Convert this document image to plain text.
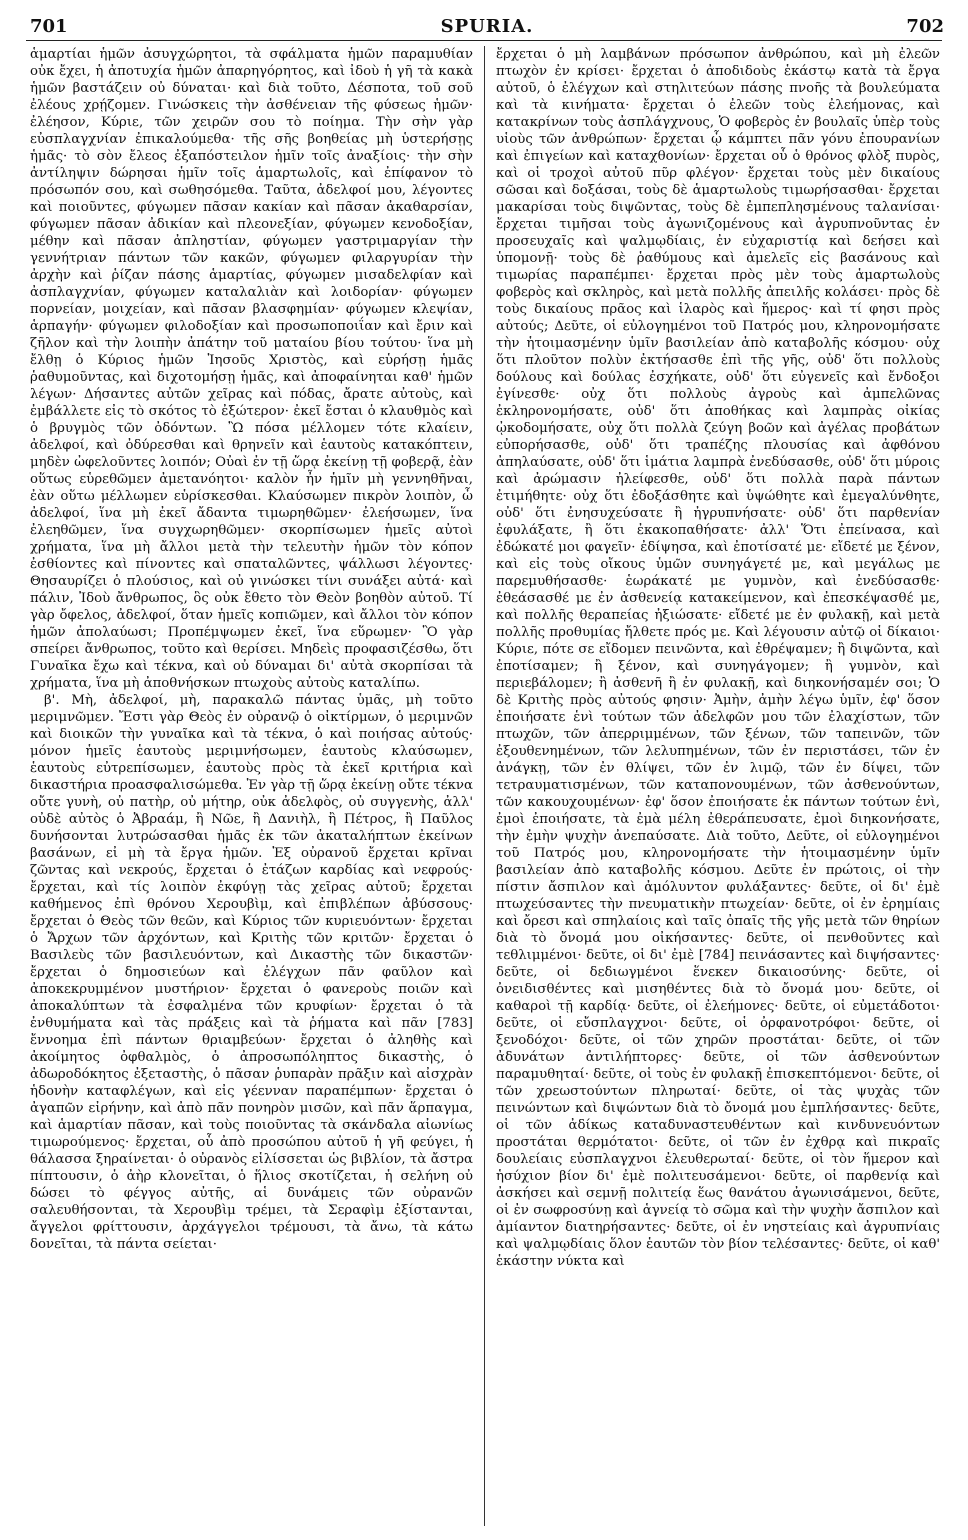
701	SPURIA.	702

ἁμαρτίαι ἡμῶν ἀσυγχώρητοι, τὰ σφάλματα ἡμῶν παραμυθίαν οὐκ ἔχει, ἡ ἀποτυχία ἡμῶν ἀπαρηγόρητος, καὶ ἰδοὺ ἡ γῆ τὰ κακὰ ἡμῶν βαστάζειν οὐ δύναται· καὶ διὰ τοῦτο, Δέσποτα, τοῦ σοῦ ἐλέους χρῄζομεν. Γινώσκεις τὴν ἀσθένειαν τῆς φύσεως ἡμῶν· ἐλέησον, Κύριε, τῶν χειρῶν σου τὸ ποίημα. Τὴν σὴν γὰρ εὐσπλαγχνίαν ἐπικαλούμεθα· τῆς σῆς βοηθείας μὴ ὑστερήσῃς ἡμᾶς· τὸ σὸν ἔλεος ἐξαπόστειλον ἡμῖν τοῖς ἀναξίοις· τὴν σὴν ἀντίληψιν δώρησαι ἡμῖν τοῖς ἁμαρτωλοῖς, καὶ ἐπίφανον τὸ πρόσωπόν σου, καὶ σωθησόμεθα. Ταῦτα, ἀδελφοί μου, λέγοντες καὶ ποιοῦντες, φύγωμεν πᾶσαν κακίαν καὶ πᾶσαν ἀκαθαρσίαν, φύγωμεν πᾶσαν ἀδικίαν καὶ πλεονεξίαν, φύγωμεν κενοδοξίαν, μέθην καὶ πᾶσαν ἀπληστίαν, φύγωμεν γαστριμαργίαν τὴν γεννήτριαν πάντων τῶν κακῶν, φύγωμεν φιλαργυρίαν τὴν ἀρχὴν καὶ ῥίζαν πάσης ἁμαρτίας, φύγωμεν μισαδελφίαν καὶ ἀσπλαγχνίαν, φύγωμεν καταλαλιὰν καὶ λοιδορίαν· φύγωμεν πορνείαν, μοιχείαν, καὶ πᾶσαν βλασφημίαν· φύγωμεν κλεψίαν, ἁρπαγήν· φύγωμεν φιλοδοξίαν καὶ προσωποποιΐαν καὶ ἔριν καὶ ζῆλον καὶ τὴν λοιπὴν ἀπάτην τοῦ ματαίου βίου τούτου· ἵνα μὴ ἔλθῃ ὁ Κύριος ἡμῶν Ἰησοῦς Χριστὸς, καὶ εὑρήσῃ ἡμᾶς ῥαθυμοῦντας, καὶ διχοτομήσῃ ἡμᾶς, καὶ ἀποφαίνηται καθ' ἡμῶν λέγων· Δήσαντες αὐτῶν χεῖρας καὶ πόδας, ἄρατε αὐτοὺς, καὶ ἐμβάλλετε εἰς τὸ σκότος τὸ ἐξώτερον· ἐκεῖ ἔσται ὁ κλαυθμὸς καὶ ὁ βρυγμὸς τῶν ὀδόντων. Ὢ πόσα μέλλομεν τότε κλαίειν, ἀδελφοί, καὶ ὀδύρεσθαι καὶ θρηνεῖν καὶ ἑαυτοὺς κατακόπτειν, μηδὲν ὠφελοῦντες λοιπόν; Οὐαὶ ἐν τῇ ὥρᾳ ἐκείνῃ τῇ φοβερᾷ, ἐὰν οὕτως εὑρεθῶμεν ἀμετανόητοι· καλὸν ἦν ἡμῖν μὴ γεννηθῆναι, ἐὰν οὕτω μέλλωμεν εὑρίσκεσθαι. Κλαύσωμεν πικρὸν λοιπὸν, ὦ ἀδελφοί, ἵνα μὴ ἐκεῖ ἄδαντα τιμωρηθῶμεν· ἐλεήσωμεν, ἵνα ἐλεηθῶμεν, ἵνα συγχωρηθῶμεν· σκορπίσωμεν ἡμεῖς αὐτοὶ χρήματα, ἵνα μὴ ἄλλοι μετὰ τὴν τελευτὴν ἡμῶν τὸν κόπον ἐσθίοντες καὶ πίνοντες καὶ σπαταλῶντες, ψάλλωσι λέγοντες· Θησαυρίζει ὁ πλούσιος, καὶ οὐ γινώσκει τίνι συνάξει αὐτά· καὶ πάλιν, Ἰδοὺ ἄνθρωπος, ὃς οὐκ ἔθετο τὸν Θεὸν βοηθὸν αὐτοῦ. Τί γὰρ ὄφελος, ἀδελφοί, ὅταν ἡμεῖς κοπιῶμεν, καὶ ἄλλοι τὸν κόπον ἡμῶν ἀπολαύωσι; Προπέμψωμεν ἐκεῖ, ἵνα εὕρωμεν· Ὃ γὰρ σπείρει ἄνθρωπος, τοῦτο καὶ θερίσει. Μηδεὶς προφασιζέσθω, ὅτι Γυναῖκα ἔχω καὶ τέκνα, καὶ οὐ δύναμαι δι' αὐτὰ σκορπίσαι τὰ χρήματα, ἵνα μὴ ἀποθνήσκων πτωχοὺς αὐτοὺς καταλίπω.

β'. Μὴ, ἀδελφοί, μὴ, παρακαλῶ πάντας ὑμᾶς, μὴ τοῦτο μεριμνῶμεν. Ἔστι γὰρ Θεὸς ἐν οὐρανῷ ὁ οἰκτίρμων, ὁ μεριμνῶν καὶ διοικῶν τὴν γυναῖκα καὶ τὰ τέκνα, ὁ καὶ ποιήσας αὐτούς· μόνον ἡμεῖς ἑαυτοὺς μεριμνήσωμεν, ἑαυτοὺς κλαύσωμεν, ἑαυτοὺς εὐτρεπίσωμεν, ἑαυτοὺς πρὸς τὰ ἐκεῖ κριτήρια καὶ δικαστήρια προασφαλισώμεθα. Ἐν γὰρ τῇ ὥρᾳ ἐκείνῃ οὔτε τέκνα οὔτε γυνὴ, οὐ πατὴρ, οὐ μήτηρ, οὐκ ἀδελφὸς, οὐ συγγενὴς, ἀλλ' οὐδὲ αὐτὸς ὁ Ἀβραάμ, ἢ Νῶε, ἢ Δανιὴλ, ἢ Πέτρος, ἢ Παῦλος δυνήσονται λυτρώσασθαι ἡμᾶς ἐκ τῶν ἀκαταλήπτων ἐκείνων βασάνων, εἰ μὴ τὰ ἔργα ἡμῶν. Ἐξ οὐρανοῦ ἔρχεται κρῖναι ζῶντας καὶ νεκρούς, ἔρχεται ὁ ἐτάζων καρδίας καὶ νεφρούς· ἔρχεται, καὶ τίς λοιπὸν ἐκφύγῃ τὰς χεῖρας αὐτοῦ; ἔρχεται καθήμενος ἐπὶ θρόνου Χερουβὶμ, καὶ ἐπιβλέπων ἀβύσσους· ἔρχεται ὁ Θεὸς τῶν θεῶν, καὶ Κύριος τῶν κυριευόντων· ἔρχεται ὁ Ἄρχων τῶν ἀρχόντων, καὶ Κριτὴς τῶν κριτῶν· ἔρχεται ὁ Βασιλεὺς τῶν βασιλευόντων, καὶ Δικαστὴς τῶν δικαστῶν· ἔρχεται ὁ δημοσιεύων καὶ ἐλέγχων πᾶν φαῦλον καὶ ἀποκεκρυμμένον μυστήριον· ἔρχεται ὁ φανεροὺς ποιῶν καὶ ἀποκαλύπτων τὰ ἐσφαλμένα τῶν κρυφίων· ἔρχεται ὁ τὰ ἐνθυμήματα καὶ τὰς πράξεις καὶ τὰ ῥήματα καὶ πᾶν [783] ἔννοημα ἐπὶ πάντων θριαμβεύων· ἔρχεται ὁ ἀληθὴς καὶ ἀκοίμητος ὀφθαλμὸς, ὁ ἀπροσωπόληπτος δικαστὴς, ὁ ἀδωροδόκητος ἐξεταστὴς, ὁ πᾶσαν ῥυπαρὰν πρᾶξιν καὶ αἰσχρὰν ἡδονὴν καταφλέγων, καὶ εἰς γέενναν παραπέμπων· ἔρχεται ὁ ἀγαπῶν εἰρήνην, καὶ ἀπὸ πᾶν πονηρὸν μισῶν, καὶ πᾶν ἅρπαγμα, καὶ ἁμαρτίαν πᾶσαν, καὶ τοὺς ποιοῦντας τὰ σκάνδαλα αἰωνίως τιμωρούμενος· ἔρχεται, οὗ ἀπὸ προσώπου αὐτοῦ ἡ γῆ φεύγει, ἡ θάλασσα ξηραίνεται· ὁ οὐρανὸς εἱλίσσεται ὡς βιβλίον, τὰ ἄστρα πίπτουσιν, ὁ ἀὴρ κλονεῖται, ὁ ἥλιος σκοτίζεται, ἡ σελήνη οὐ δώσει τὸ φέγγος αὐτῆς, αἱ δυνάμεις τῶν οὐρανῶν σαλευθήσονται, τὰ Χερουβὶμ τρέμει, τὰ Σεραφὶμ ἐξίστανται, ἄγγελοι φρίττουσιν, ἀρχάγγελοι τρέμουσι, τὰ ἄνω, τὰ κάτω δονεῖται, τὰ πάντα σείεται·

ἔρχεται ὁ μὴ λαμβάνων πρόσωπον ἀνθρώπου, καὶ μὴ ἐλεῶν πτωχὸν ἐν κρίσει· ἔρχεται ὁ ἀποδιδοὺς ἑκάστῳ κατὰ τὰ ἔργα αὐτοῦ, ὁ ἐλέγχων καὶ στηλιτεύων πάσης πνοῆς τὰ βουλεύματα καὶ τὰ κινήματα· ἔρχεται ὁ ἐλεῶν τοὺς ἐλεήμονας, καὶ κατακρίνων τοὺς ἀσπλάγχνους, Ὁ φοβερὸς ἐν βουλαῖς ὑπὲρ τοὺς υἱοὺς τῶν ἀνθρώπων· ἔρχεται ᾧ κάμπτει πᾶν γόνυ ἐπουρανίων καὶ ἐπιγείων καὶ καταχθονίων· ἔρχεται οὗ ὁ θρόνος φλὸξ πυρὸς, καὶ οἱ τροχοὶ αὐτοῦ πῦρ φλέγον· ἔρχεται τοὺς μὲν δικαίους σῶσαι καὶ δοξάσαι, τοὺς δὲ ἁμαρτωλοὺς τιμωρήσασθαι· ἔρχεται μακαρίσαι τοὺς διψῶντας, τοὺς δὲ ἐμπεπλησμένους ταλανίσαι· ἔρχεται τιμῆσαι τοὺς ἀγωνιζομένους καὶ ἀγρυπνοῦντας ἐν προσευχαῖς καὶ ψαλμῳδίαις, ἐν εὐχαριστίᾳ καὶ δεήσει καὶ ὑπομονῇ· τοὺς δὲ ῥαθύμους καὶ ἀμελεῖς εἰς βασάνους καὶ τιμωρίας παραπέμπει· ἔρχεται πρὸς μὲν τοὺς ἁμαρτωλοὺς φοβερὸς καὶ σκληρὸς, καὶ μετὰ πολλῆς ἀπειλῆς κολάσει· πρὸς δὲ τοὺς δικαίους πρᾶος καὶ ἱλαρὸς καὶ ἥμερος· καὶ τί φησι πρὸς αὐτούς; Δεῦτε, οἱ εὐλογημένοι τοῦ Πατρός μου, κληρονομήσατε τὴν ἡτοιμασμένην ὑμῖν βασιλείαν ἀπὸ καταβολῆς κόσμου· οὐχ ὅτι πλοῦτον πολὺν ἐκτήσασθε ἐπὶ τῆς γῆς, οὐδ' ὅτι πολλοὺς δούλους καὶ δούλας ἐσχήκατε, οὐδ' ὅτι εὐγενεῖς καὶ ἔνδοξοι ἐγίνεσθε· οὐχ ὅτι πολλοὺς ἀγροὺς καὶ ἀμπελῶνας ἐκληρονομήσατε, οὐδ' ὅτι ἀποθήκας καὶ λαμπρὰς οἰκίας ᾠκοδομήσατε, οὐχ ὅτι πολλὰ ζεύγη βοῶν καὶ ἀγέλας προβάτων εὐπορήσασθε, οὐδ' ὅτι τραπέζης πλουσίας καὶ ἀφθόνου ἀπηλαύσατε, οὐδ' ὅτι ἱμάτια λαμπρὰ ἐνεδύσασθε, οὐδ' ὅτι μύροις καὶ ἀρώμασιν ἠλείφεσθε, οὐδ' ὅτι πολλὰ παρὰ πάντων ἐτιμήθητε· οὐχ ὅτι ἐδοξάσθητε καὶ ὑψώθητε καὶ ἐμεγαλύνθητε, οὐδ' ὅτι ἐνησυχεύσατε ἢ ἠγρυπνήσατε· οὐδ' ὅτι παρθενίαν ἐφυλάξατε, ἢ ὅτι ἐκακοπαθήσατε· ἀλλ' Ὅτι ἐπείνασα, καὶ ἐδώκατέ μοι φαγεῖν· ἐδίψησα, καὶ ἐποτίσατέ με· εἴδετέ με ξένον, καὶ εἰς τοὺς οἴκους ὑμῶν συνηγάγετέ με, καὶ μεγάλως με παρεμυθήσασθε· ἑωράκατέ με γυμνὸν, καὶ ἐνεδύσασθε· ἐθεάσασθέ με ἐν ἀσθενείᾳ κατακείμενον, καὶ ἐπεσκέψασθέ με, καὶ πολλῆς θεραπείας ἠξιώσατε· εἴδετέ με ἐν φυλακῇ, καὶ μετὰ πολλῆς προθυμίας ἤλθετε πρός με. Καὶ λέγουσιν αὐτῷ οἱ δίκαιοι· Κύριε, πότε σε εἴδομεν πεινῶντα, καὶ ἐθρέψαμεν; ἢ διψῶντα, καὶ ἐποτίσαμεν; ἢ ξένον, καὶ συνηγάγομεν; ἢ γυμνὸν, καὶ περιεβάλομεν; ἢ ἀσθενῆ ἢ ἐν φυλακῇ, καὶ διηκονήσαμέν σοι; Ὁ δὲ Κριτὴς πρὸς αὐτούς φησιν· Ἀμὴν, ἀμὴν λέγω ὑμῖν, ἐφ' ὅσον ἐποιήσατε ἑνὶ τούτων τῶν ἀδελφῶν μου τῶν ἐλαχίστων, τῶν πτωχῶν, τῶν ἀπερριμμένων, τῶν ξένων, τῶν ταπεινῶν, τῶν ἐξουθενημένων, τῶν λελυπημένων, τῶν ἐν περιστάσει, τῶν ἐν ἀνάγκῃ, τῶν ἐν θλίψει, τῶν ἐν λιμῷ, τῶν ἐν δίψει, τῶν τετραυματισμένων, τῶν καταπονουμένων, τῶν ἀσθενούντων, τῶν κακουχουμένων· ἐφ' ὅσον ἐποιήσατε ἐκ πάντων τούτων ἑνὶ, ἐμοὶ ἐποιήσατε, τὰ ἐμὰ μέλη ἐθεράπευσατε, ἐμοὶ διηκονήσατε, τὴν ἐμὴν ψυχὴν ἀνεπαύσατε. Διὰ τοῦτο, Δεῦτε, οἱ εὐλογημένοι τοῦ Πατρός μου, κληρονομήσατε τὴν ἡτοιμασμένην ὑμῖν βασιλείαν ἀπὸ καταβολῆς κόσμου. Δεῦτε ἐν πρώτοις, οἱ τὴν πίστιν ἄσπιλον καὶ ἀμόλυντον φυλάξαντες· δεῦτε, οἱ δι' ἐμὲ πτωχεύσαντες τὴν πνευματικὴν πτωχείαν· δεῦτε, οἱ ἐν ἐρημίαις καὶ ὄρεσι καὶ σπηλαίοις καὶ ταῖς ὀπαῖς τῆς γῆς μετὰ τῶν θηρίων διὰ τὸ ὄνομά μου οἰκήσαντες· δεῦτε, οἱ πενθοῦντες καὶ τεθλιμμένοι· δεῦτε, οἱ δι' ἐμὲ [784] πεινάσαντες καὶ διψήσαντες· δεῦτε, οἱ δεδιωγμένοι ἕνεκεν δικαιοσύνης· δεῦτε, οἱ ὀνειδισθέντες καὶ μισηθέντες διὰ τὸ ὄνομά μου· δεῦτε, οἱ καθαροὶ τῇ καρδίᾳ· δεῦτε, οἱ ἐλεήμονες· δεῦτε, οἱ εὐμετάδοτοι· δεῦτε, οἱ εὔσπλαγχνοι· δεῦτε, οἱ ὀρφανοτρόφοι· δεῦτε, οἱ ξενοδόχοι· δεῦτε, οἱ τῶν χηρῶν προστάται· δεῦτε, οἱ τῶν ἀδυνάτων ἀντιλήπτορες· δεῦτε, οἱ τῶν ἀσθενούντων παραμυθηταί· δεῦτε, οἱ τοὺς ἐν φυλακῇ ἐπισκεπτόμενοι· δεῦτε, οἱ τῶν χρεωστούντων πληρωταί· δεῦτε, οἱ τὰς ψυχὰς τῶν πεινώντων καὶ διψώντων διὰ τὸ ὄνομά μου ἐμπλήσαντες· δεῦτε, οἱ τῶν ἀδίκως καταδυναστευθέντων καὶ κινδυνευόντων προστάται θερμότατοι· δεῦτε, οἱ τῶν ἐν ἐχθρᾳ καὶ πικραῖς δουλείαις εὐσπλαγχνοι ἐλευθερωταί· δεῦτε, οἱ τὸν ἥμερον καὶ ἡσύχιον βίον δι' ἐμὲ πολιτευσάμενοι· δεῦτε, οἱ παρθενίᾳ καὶ ἀσκήσει καὶ σεμνῇ πολιτείᾳ ἕως θανάτου ἀγωνισάμενοι, δεῦτε, οἱ ἐν σωφροσύνῃ καὶ ἁγνείᾳ τὸ σῶμα καὶ τὴν ψυχὴν ἄσπιλον καὶ ἀμίαντον διατηρήσαντες· δεῦτε, οἱ ἐν νηστείαις καὶ ἀγρυπνίαις καὶ ψαλμῳδίαις ὅλον ἑαυτῶν τὸν βίον τελέσαντες· δεῦτε, οἱ καθ' ἑκάστην νύκτα καὶ
